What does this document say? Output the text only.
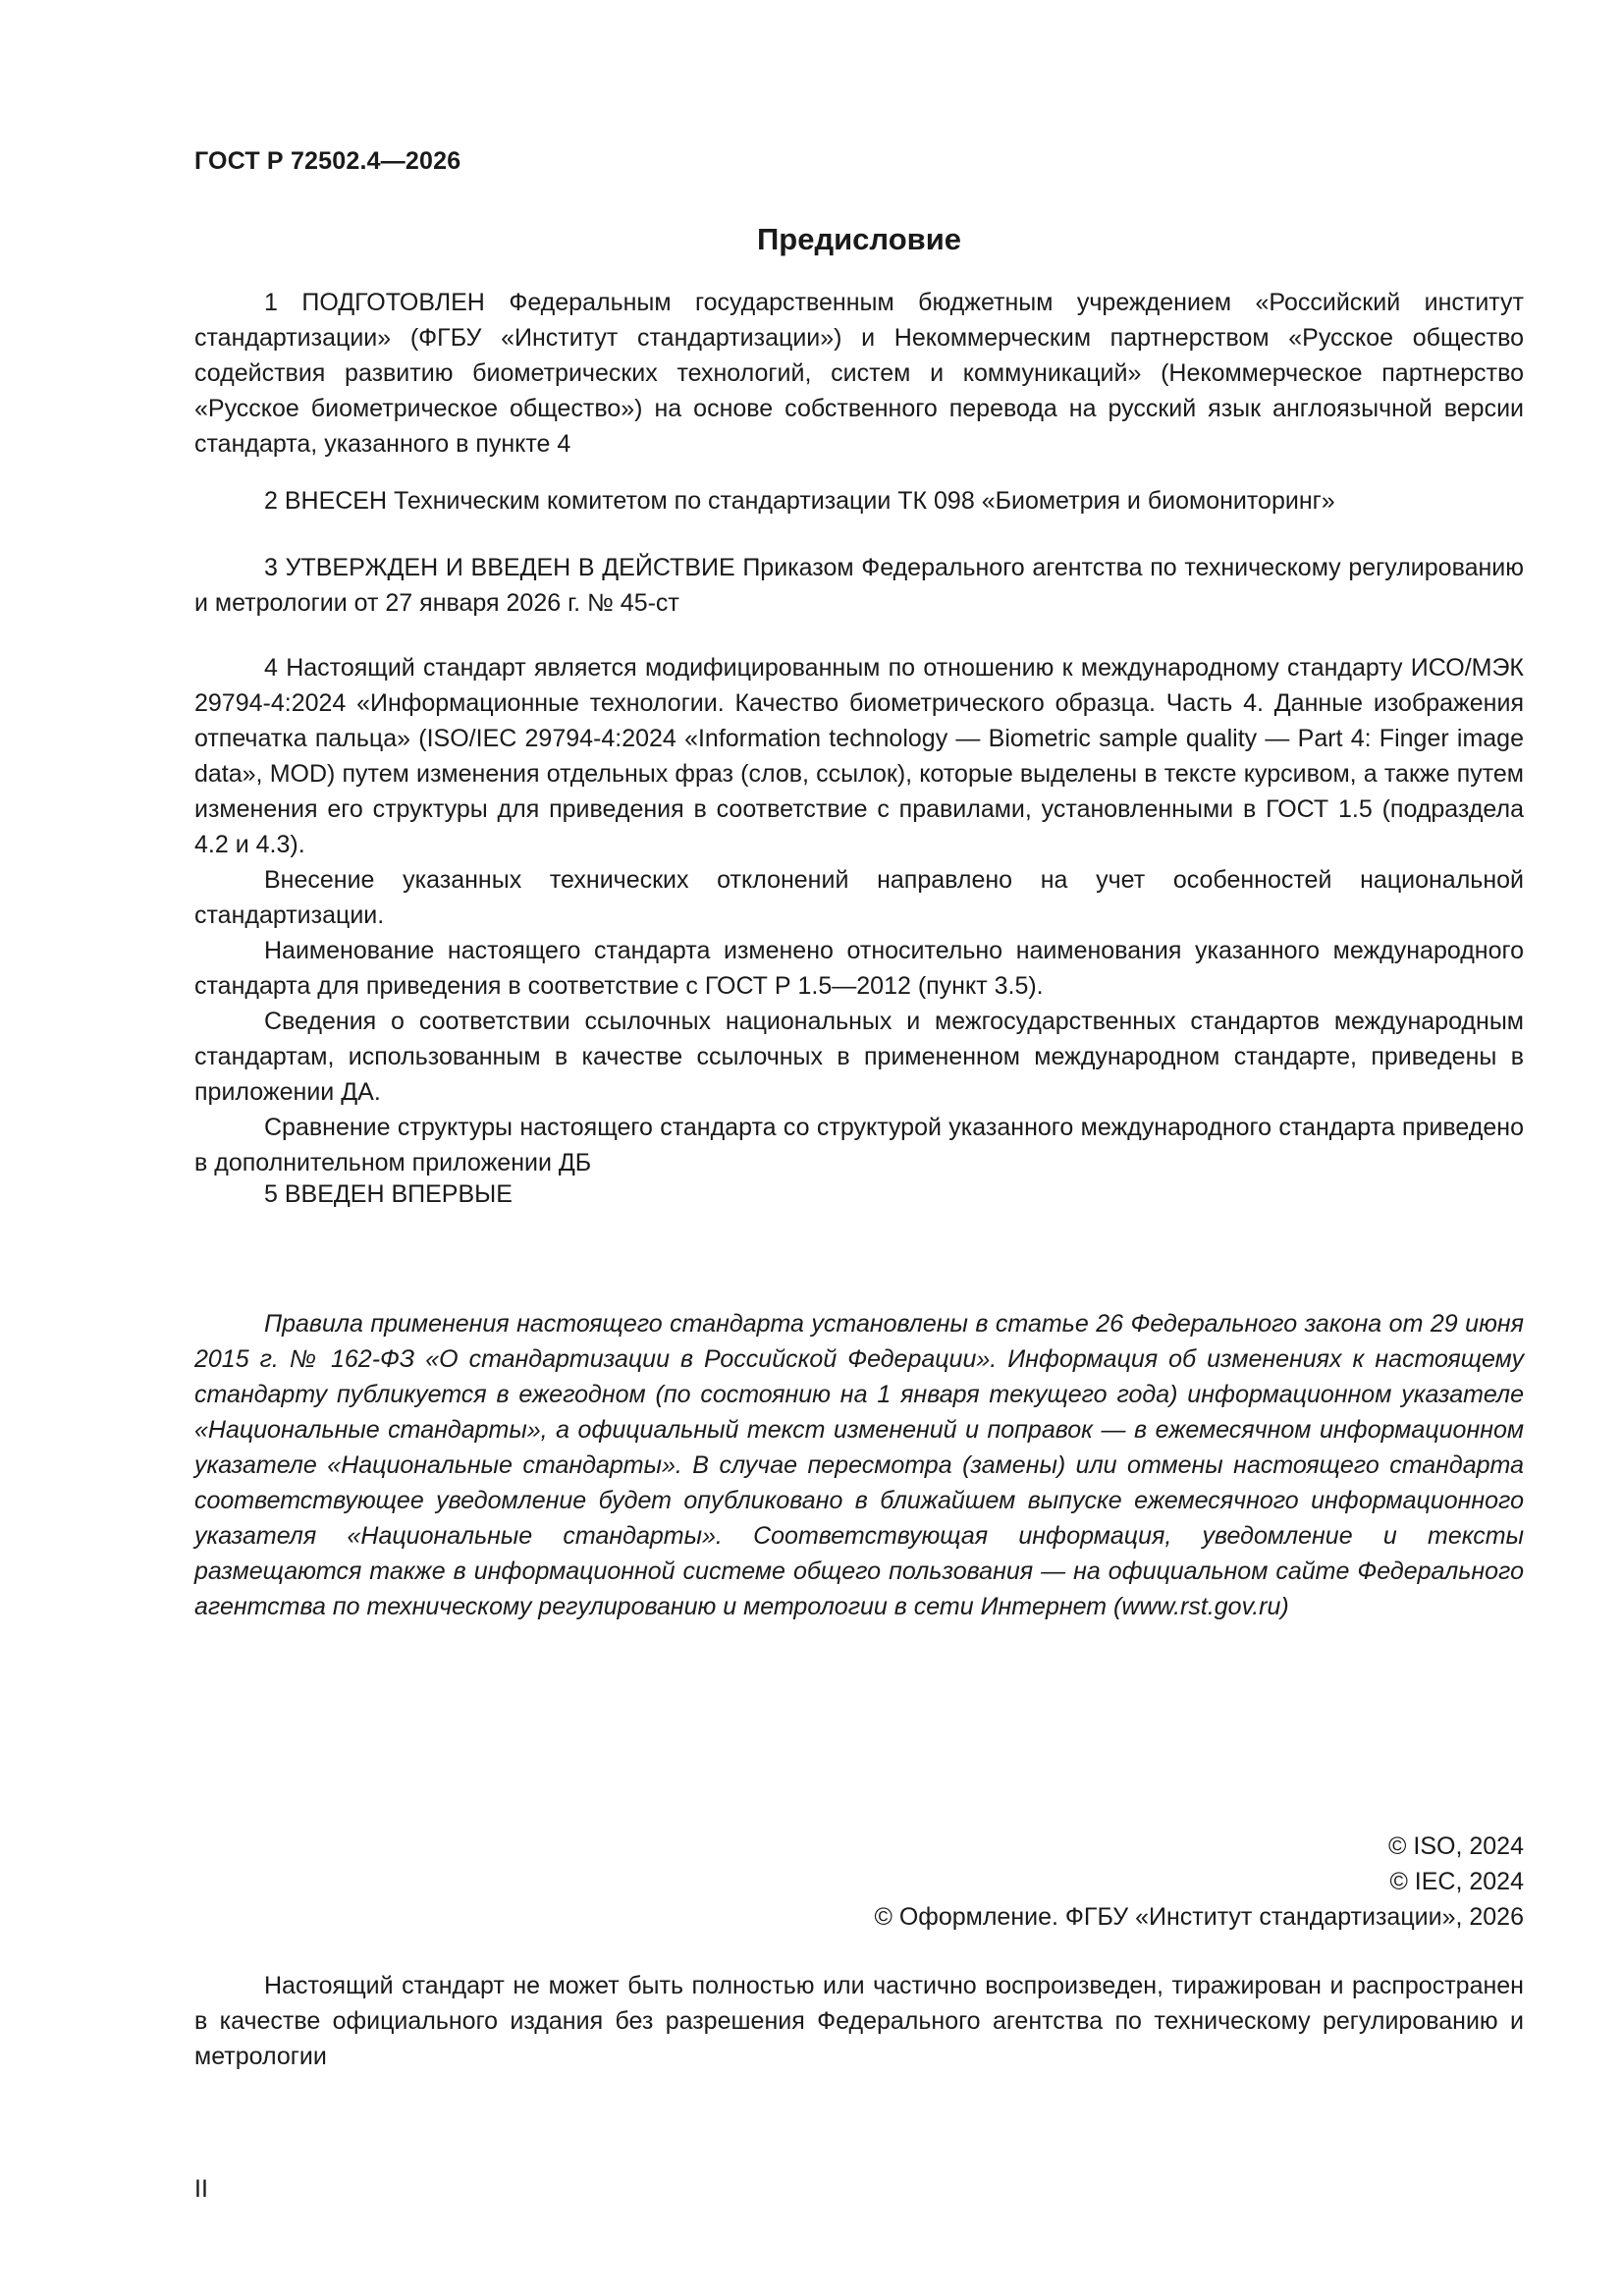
ГОСТ Р 72502.4—2026
Предисловие

1 ПОДГОТОВЛЕН Федеральным государственным бюджетным учреждением «Российский институт стандартизации» (ФГБУ «Институт стандартизации») и Некоммерческим партнерством «Русское общество содействия развитию биометрических технологий, систем и коммуникаций» (Некоммерческое партнерство «Русское биометрическое общество») на основе собственного перевода на русский язык англоязычной версии стандарта, указанного в пункте 4

2 ВНЕСЕН Техническим комитетом по стандартизации ТК 098 «Биометрия и биомониторинг»

3 УТВЕРЖДЕН И ВВЕДЕН В ДЕЙСТВИЕ Приказом Федерального агентства по техническому регулированию и метрологии от 27 января 2026 г. № 45-ст

4 Настоящий стандарт является модифицированным по отношению к международному стандарту ИСО/МЭК 29794-4:2024 «Информационные технологии. Качество биометрического образца. Часть 4. Данные изображения отпечатка пальца» (ISO/IEC 29794-4:2024 «Information technology — Biometric sample quality — Part 4: Finger image data», MOD) путем изменения отдельных фраз (слов, ссылок), которые выделены в тексте курсивом, а также путем изменения его структуры для приведения в соответствие с правилами, установленными в ГОСТ 1.5 (подраздела 4.2 и 4.3).

Внесение указанных технических отклонений направлено на учет особенностей национальной стандартизации.

Наименование настоящего стандарта изменено относительно наименования указанного международного стандарта для приведения в соответствие с ГОСТ Р 1.5—2012 (пункт 3.5).

Сведения о соответствии ссылочных национальных и межгосударственных стандартов международным стандартам, использованным в качестве ссылочных в примененном международном стандарте, приведены в приложении ДА.

Сравнение структуры настоящего стандарта со структурой указанного международного стандарта приведено в дополнительном приложении ДБ

5 ВВЕДЕН ВПЕРВЫЕ

Правила применения настоящего стандарта установлены в статье 26 Федерального закона от 29 июня 2015 г. № 162-ФЗ «О стандартизации в Российской Федерации». Информация об изменениях к настоящему стандарту публикуется в ежегодном (по состоянию на 1 января текущего года) информационном указателе «Национальные стандарты», а официальный текст изменений и поправок — в ежемесячном информационном указателе «Национальные стандарты». В случае пересмотра (замены) или отмены настоящего стандарта соответствующее уведомление будет опубликовано в ближайшем выпуске ежемесячного информационного указателя «Национальные стандарты». Соответствующая информация, уведомление и тексты размещаются также в информационной системе общего пользования — на официальном сайте Федерального агентства по техническому регулированию и метрологии в сети Интернет (www.rst.gov.ru)

© ISO, 2024
© IEC, 2024
© Оформление. ФГБУ «Институт стандартизации», 2026

Настоящий стандарт не может быть полностью или частично воспроизведен, тиражирован и распространен в качестве официального издания без разрешения Федерального агентства по техническому регулированию и метрологии

II
